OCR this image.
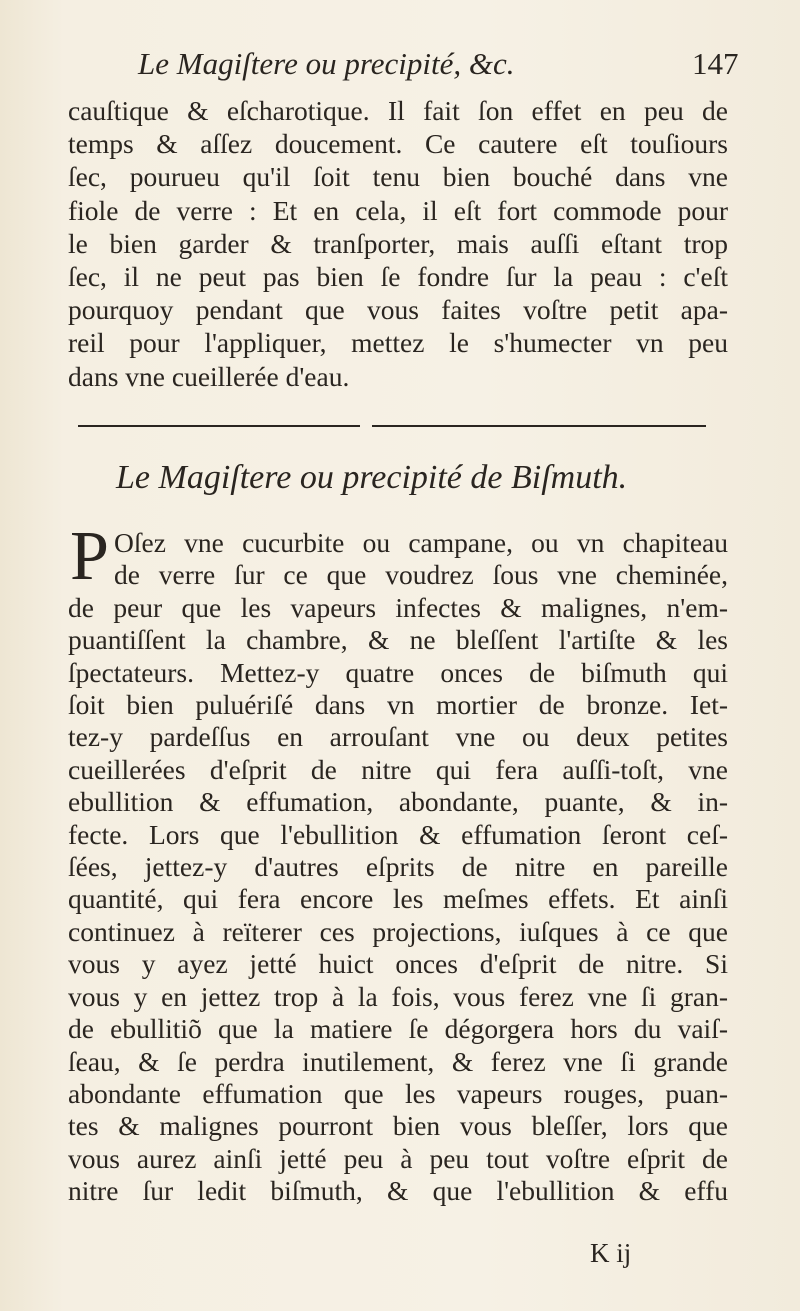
Le Magiſtere ou precipité, &c.	147
cauſtique & eſcharotique. Il fait ſon effet en peu de
temps & aſſez doucement. Ce cautere eſt touſiours
ſec, pourueu qu'il ſoit tenu bien bouché dans vne
fiole de verre : Et en cela, il eſt fort commode pour
le bien garder & tranſporter, mais auſſi eſtant trop
ſec, il ne peut pas bien ſe fondre ſur la peau : c'eſt
pourquoy pendant que vous faites voſtre petit apa-
reil pour l'appliquer, mettez le s'humecter vn peu
dans vne cueillerée d'eau.
Le Magiſtere ou precipité de Biſmuth.
P Oſez vne cucurbite ou campane, ou vn chapiteau
de verre ſur ce que voudrez ſous vne cheminée,
de peur que les vapeurs infectes & malignes, n'em-
puantiſſent la chambre, & ne bleſſent l'artiſte & les
ſpectateurs. Mettez-y quatre onces de biſmuth qui
ſoit bien puluériſé dans vn mortier de bronze. Iet-
tez-y pardeſſus en arrouſant vne ou deux petites
cueillerées d'eſprit de nitre qui fera auſſi-toſt, vne
ebullition & effumation, abondante, puante, & in-
fecte. Lors que l'ebullition & effumation ſeront ceſ-
ſées, jettez-y d'autres eſprits de nitre en pareille
quantité, qui fera encore les meſmes effets. Et ainſi
continuez à reïterer ces projections, iuſques à ce que
vous y ayez jetté huict onces d'eſprit de nitre. Si
vous y en jettez trop à la fois, vous ferez vne ſi gran-
de ebullitiõ que la matiere ſe dégorgera hors du vaiſ-
ſeau, & ſe perdra inutilement, & ferez vne ſi grande
abondante effumation que les vapeurs rouges, puan-
tes & malignes pourront bien vous bleſſer, lors que
vous aurez ainſi jetté peu à peu tout voſtre eſprit de
nitre ſur ledit biſmuth, & que l'ebullition & effu
K ij
